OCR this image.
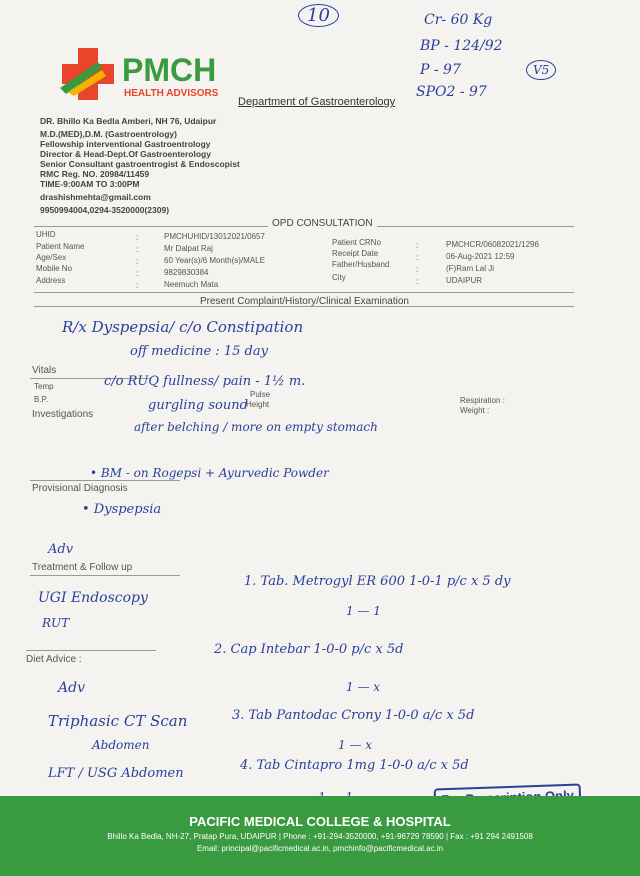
10	Cr- 60 Kg
BP - 124/92
P - 97
SPO2 - 97
V5
PMCH
HEALTH ADVISORS
Department of Gastroenterology
DR. Bhillo Ka Bedla Amberi, NH 76, Udaipur
M.D.(MED),D.M. (Gastroentrology)
Fellowship interventional Gastroentrology
Director & Head-Dept.Of Gastroenterology
Senior Consultant gastroentrogist & Endoscopist
RMC Reg. NO. 20984/11459
TIME-9:00AM TO 3:00PM
drashishmehta@gmail.com
9950994004,0294-3520000(2309)
OPD CONSULTATION
UHID	PMCHUHID/13012021/0657
Patient Name	Mr Dalpat Raj
Age/Sex	60 Year(s)/6 Month(s)/MALE
Mobile No	9829830384
Address	Neemuch Mata
:
:
:
:
:
Patient CRNo	PMCHCR/06082021/1296
Receipt Date	06-Aug-2021 12:59
Father/Husband	(F)Ram Lal Ji
City	UDAIPUR
:
:
:
:
Present Complaint/History/Clinical Examination
R/x Dyspepsia/ c/o Constipation
off medicine : 15 day
Vitals
Temp
B.P.
Pulse
Height	Respiration :
Weight :
c/o RUQ fullness/ pain - 1½ m.
gurgling sound
Investigations
after belching / more on empty stomach
• BM - on Rogepsi + Ayurvedic Powder
Provisional Diagnosis
• Dyspepsia
Adv
Treatment & Follow up
UGI Endoscopy
RUT
1. Tab. Metrogyl ER 600 1-0-1 p/c x 5 dy
1 — 1
2. Cap Intebar 1-0-0 p/c x 5d
1 — x
3. Tab Pantodac Crony 1-0-0 a/c x 5d
1 — x
4. Tab Cintapro 1mg 1-0-0 a/c x 5d
Diet Advice :
Adv
Triphasic CT Scan
Abdomen
LFT / USG Abdomen
PACIFIC MEDICAL COLLEGE & HOSPITAL
Bhillo Ka Bedla, NH-27, Pratap Pura, UDAIPUR | Phone : +91-294-3520000, +91-96729 78590 | Fax : +91 294 2491508
Email: principal@pacificmedical.ac.in, pmchinfo@pacificmedical.ac.in
